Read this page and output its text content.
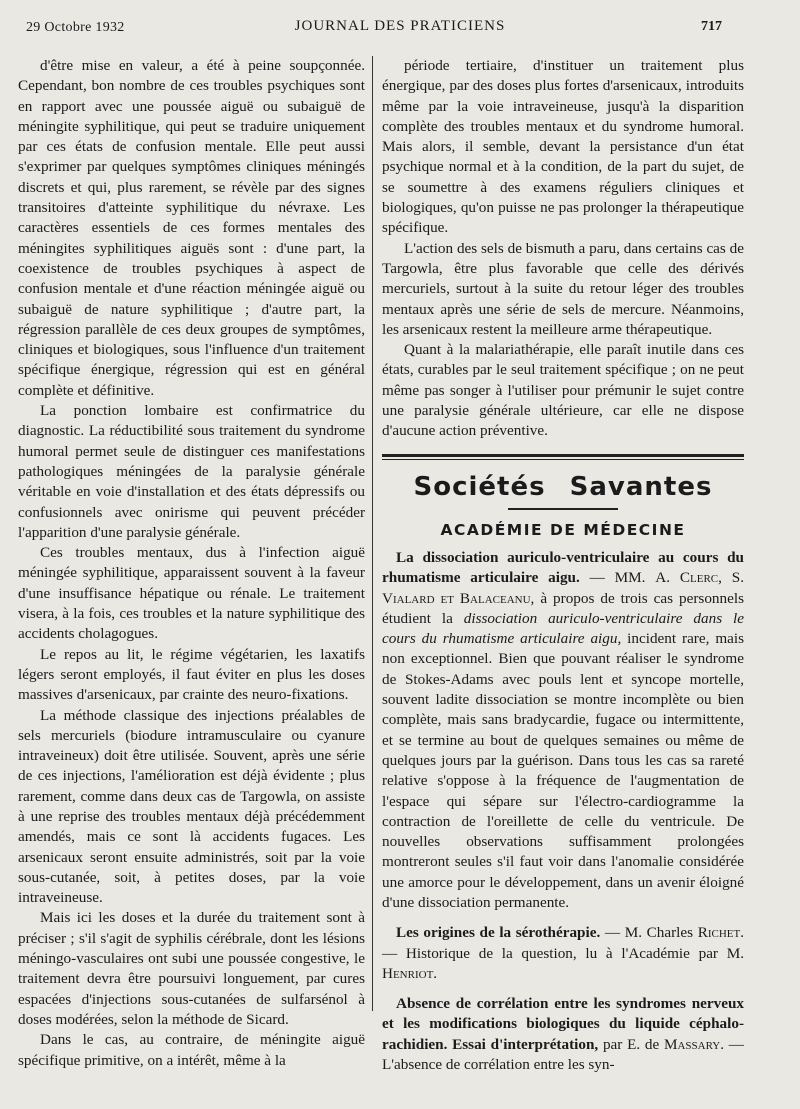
29 Octobre 1932	JOURNAL DES PRATICIENS	717

d'être mise en valeur, a été à peine soupçonnée. Cependant, bon nombre de ces troubles psychiques sont en rapport avec une poussée aiguë ou subaiguë de méningite syphilitique, qui peut se traduire uniquement par ces états de confusion mentale. Elle peut aussi s'exprimer par quelques symptômes cliniques méningés discrets et qui, plus rarement, se révèle par des signes transitoires d'atteinte syphilitique du névraxe. Les caractères essentiels de ces formes mentales des méningites syphilitiques aiguës sont : d'une part, la coexistence de troubles psychiques à aspect de confusion mentale et d'une réaction méningée aiguë ou subaiguë de nature syphilitique ; d'autre part, la régression parallèle de ces deux groupes de symptômes, cliniques et biologiques, sous l'influence d'un traitement spécifique énergique, régression qui est en général complète et définitive.

La ponction lombaire est confirmatrice du diagnostic. La réductibilité sous traitement du syndrome humoral permet seule de distinguer ces manifestations pathologiques méningées de la paralysie générale véritable en voie d'installation et des états dépressifs ou confusionnels avec onirisme qui peuvent précéder l'apparition d'une paralysie générale.

Ces troubles mentaux, dus à l'infection aiguë méningée syphilitique, apparaissent souvent à la faveur d'une insuffisance hépatique ou rénale. Le traitement visera, à la fois, ces troubles et la nature syphilitique des accidents cholagogues.

Le repos au lit, le régime végétarien, les laxatifs légers seront employés, il faut éviter en plus les doses massives d'arsenicaux, par crainte des neuro-fixations.

La méthode classique des injections préalables de sels mercuriels (biodure intramusculaire ou cyanure intraveineux) doit être utilisée. Souvent, après une série de ces injections, l'amélioration est déjà évidente ; plus rarement, comme dans deux cas de Targowla, on assiste à une reprise des troubles mentaux déjà précédemment amendés, mais ce sont là accidents fugaces. Les arsenicaux seront ensuite administrés, soit par la voie sous-cutanée, soit, à petites doses, par la voie intraveineuse.

Mais ici les doses et la durée du traitement sont à préciser ; s'il s'agit de syphilis cérébrale, dont les lésions méningo-vasculaires ont subi une poussée congestive, le traitement devra être poursuivi longuement, par cures espacées d'injections sous-cutanées de sulfarsénol à doses modérées, selon la méthode de Sicard.

Dans le cas, au contraire, de méningite aiguë spécifique primitive, on a intérêt, même à la

période tertiaire, d'instituer un traitement plus énergique, par des doses plus fortes d'arsenicaux, introduits même par la voie intraveineuse, jusqu'à la disparition complète des troubles mentaux et du syndrome humoral. Mais alors, il semble, devant la persistance d'un état psychique normal et à la condition, de la part du sujet, de se soumettre à des examens réguliers cliniques et biologiques, qu'on puisse ne pas prolonger la thérapeutique spécifique.

L'action des sels de bismuth a paru, dans certains cas de Targowla, être plus favorable que celle des dérivés mercuriels, surtout à la suite du retour léger des troubles mentaux après une série de sels de mercure. Néanmoins, les arsenicaux restent la meilleure arme thérapeutique.

Quant à la malariathérapie, elle paraît inutile dans ces états, curables par le seul traitement spécifique ; on ne peut même pas songer à l'utiliser pour prémunir le sujet contre une paralysie générale ultérieure, car elle ne dispose d'aucune action préventive.

Sociétés Savantes
ACADÉMIE DE MÉDECINE

La dissociation auriculo-ventriculaire au cours du rhumatisme articulaire aigu. — MM. A. Clerc, S. Vialard et Balaceanu, à propos de trois cas personnels étudient la dissociation auriculo-ventriculaire dans le cours du rhumatisme articulaire aigu, incident rare, mais non exceptionnel. Bien que pouvant réaliser le syndrome de Stokes-Adams avec pouls lent et syncope mortelle, souvent ladite dissociation se montre incomplète ou bien complète, mais sans bradycardie, fugace ou intermittente, et se termine au bout de quelques semaines ou même de quelques jours par la guérison. Dans tous les cas sa rareté relative s'oppose à la fréquence de l'augmentation de l'espace qui sépare sur l'électro-cardiogramme la contraction de l'oreillette de celle du ventricule. De nouvelles observations suffisamment prolongées montreront seules s'il faut voir dans l'anomalie considérée une amorce pour le développement, dans un avenir éloigné d'une dissociation permanente.

Les origines de la sérothérapie. — M. Charles Richet. — Historique de la question, lu à l'Académie par M. Henriot.

Absence de corrélation entre les syndromes nerveux et les modifications biologiques du liquide céphalo-rachidien. Essai d'interprétation, par E. de Massary. — L'absence de corrélation entre les syn-
